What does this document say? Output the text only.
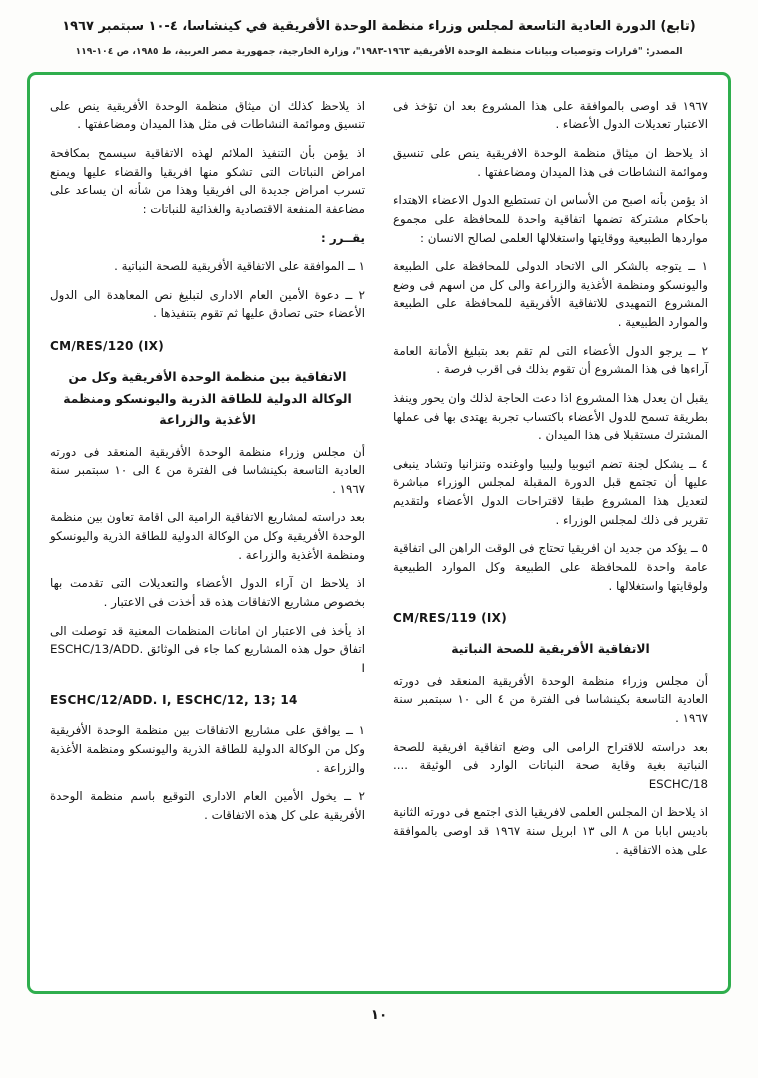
(تابع) الدورة العادية التاسعة لمجلس وزراء منظمة الوحدة الأفريقية في كينشاسا، ٤-١٠ سبتمبر ١٩٦٧
المصدر: "قرارات وتوصيات وبيانات منظمة الوحدة الأفريقية ١٩٦٣-١٩٨٣"، وزارة الخارجية، جمهورية مصر العربية، ط ١٩٨٥، ص ١٠٤-١١٩

١٩٦٧ قد اوصى بالموافقة على هذا المشروع بعد ان تؤخذ فى الاعتبار تعديلات الدول الأعضاء .

اذ يلاحظ ان ميثاق منظمة الوحدة الافريقية ينص على تنسيق وموائمة النشاطات فى هذا الميدان ومضاعفتها .

اذ يؤمن بأنه اصبح من الأساس ان تستطيع الدول الاعضاء الاهتداء باحكام مشتركة تضمها اتفاقية واحدة للمحافظة على مجموع مواردها الطبيعية ووقايتها واستغلالها العلمى لصالح الانسان :

١ ــ يتوجه بالشكر الى الاتحاد الدولى للمحافظة على الطبيعة واليونسكو ومنظمة الأغذية والزراعة والى كل من اسهم فى وضع المشروع التمهيدى للاتفاقية الأفريقية للمحافظة على الطبيعة والموارد الطبيعية .

٢ ــ يرجو الدول الأعضاء التى لم تقم بعد بتبليغ الأمانة العامة آراءها فى هذا المشروع أن تقوم بذلك فى اقرب فرصة .

يقبل ان يعدل هذا المشروع اذا دعت الحاجة لذلك وان يحور وينفذ بطريقة تسمح للدول الأعضاء باكتساب تجربة يهتدى بها فى عملها المشترك مستقبلا فى هذا الميدان .

٤ ــ يشكل لجنة تضم اثيوبيا وليبيا واوغنده وتنزانيا وتشاد ينبغى عليها أن تجتمع قبل الدورة المقبلة لمجلس الوزراء مباشرة لتعديل هذا المشروع طبقا لاقتراحات الدول الأعضاء ولتقديم تقرير فى ذلك لمجلس الوزراء .

٥ ــ يؤكد من جديد ان افريقيا تحتاج فى الوقت الراهن الى اتفاقية عامة واحدة للمحافظة على الطبيعة وكل الموارد الطبيعية ولوقايتها واستغلالها .

CM/RES/119 (IX)

الاتفاقية الأفريقية للصحة النباتية

أن مجلس وزراء منظمة الوحدة الأفريقية المنعقد فى دورته العادية التاسعة بكينشاسا فى الفترة من ٤ الى ١٠ سبتمبر سنة ١٩٦٧ .

بعد دراسته للاقتراح الرامى الى وضع اتفاقية افريقية للصحة النباتية بغية وقاية صحة النباتات الوارد فى الوثيقة .... ESCHC/18

اذ يلاحظ ان المجلس العلمى لافريقيا الذى اجتمع فى دورته الثانية باديس ابابا من ٨ الى ١٣ ابريل سنة ١٩٦٧ قد اوصى بالموافقة على هذه الاتفاقية .

اذ يلاحظ كذلك ان ميثاق منظمة الوحدة الأفريقية ينص على تنسيق وموائمة النشاطات فى مثل هذا الميدان ومضاعفتها .

اذ يؤمن بأن التنفيذ الملائم لهذه الاتفاقية سيسمح بمكافحة امراض النباتات التى تشكو منها افريقيا والقضاء عليها ويمنع تسرب امراض جديدة الى افريقيا وهذا من شأنه ان يساعد على مضاعفة المنفعة الاقتصادية والغذائية للنباتات :

يقــرر :

١ ــ الموافقة على الاتفاقية الأفريقية للصحة النباتية .

٢ ــ دعوة الأمين العام الادارى لتبليغ نص المعاهدة الى الدول الأعضاء حتى تصادق عليها ثم تقوم بتنفيذها .

CM/RES/120 (IX)

الاتفاقية بين منظمة الوحدة الأفريقية وكل من الوكالة الدولية للطاقة الذرية واليونسكو ومنظمة الأغذية والزراعة

أن مجلس وزراء منظمة الوحدة الأفريقية المنعقد فى دورته العادية التاسعة بكينشاسا فى الفترة من ٤ الى ١٠ سبتمبر سنة ١٩٦٧ .

بعد دراسته لمشاريع الاتفاقية الرامية الى اقامة تعاون بين منظمة الوحدة الأفريقية وكل من الوكالة الدولية للطاقة الذرية واليونسكو ومنظمة الأغذية والزراعة .

اذ يلاحظ ان آراء الدول الأعضاء والتعديلات التى تقدمت بها بخصوص مشاريع الاتفاقات هذه قد أخذت فى الاعتبار .

اذ يأخذ فى الاعتبار ان امانات المنظمات المعنية قد توصلت الى اتفاق حول هذه المشاريع كما جاء فى الوثائق ESCHC/13/ADD. I

ESCHC/12/ADD. I, ESCHC/12, 13; 14

١ ــ يوافق على مشاريع الاتفاقات بين منظمة الوحدة الأفريقية وكل من الوكالة الدولية للطاقة الذرية واليونسكو ومنظمة الأغذية والزراعة .

٢ ــ يخول الأمين العام الادارى التوقيع باسم منظمة الوحدة الأفريقية على كل هذه الاتفاقات .

١٠
